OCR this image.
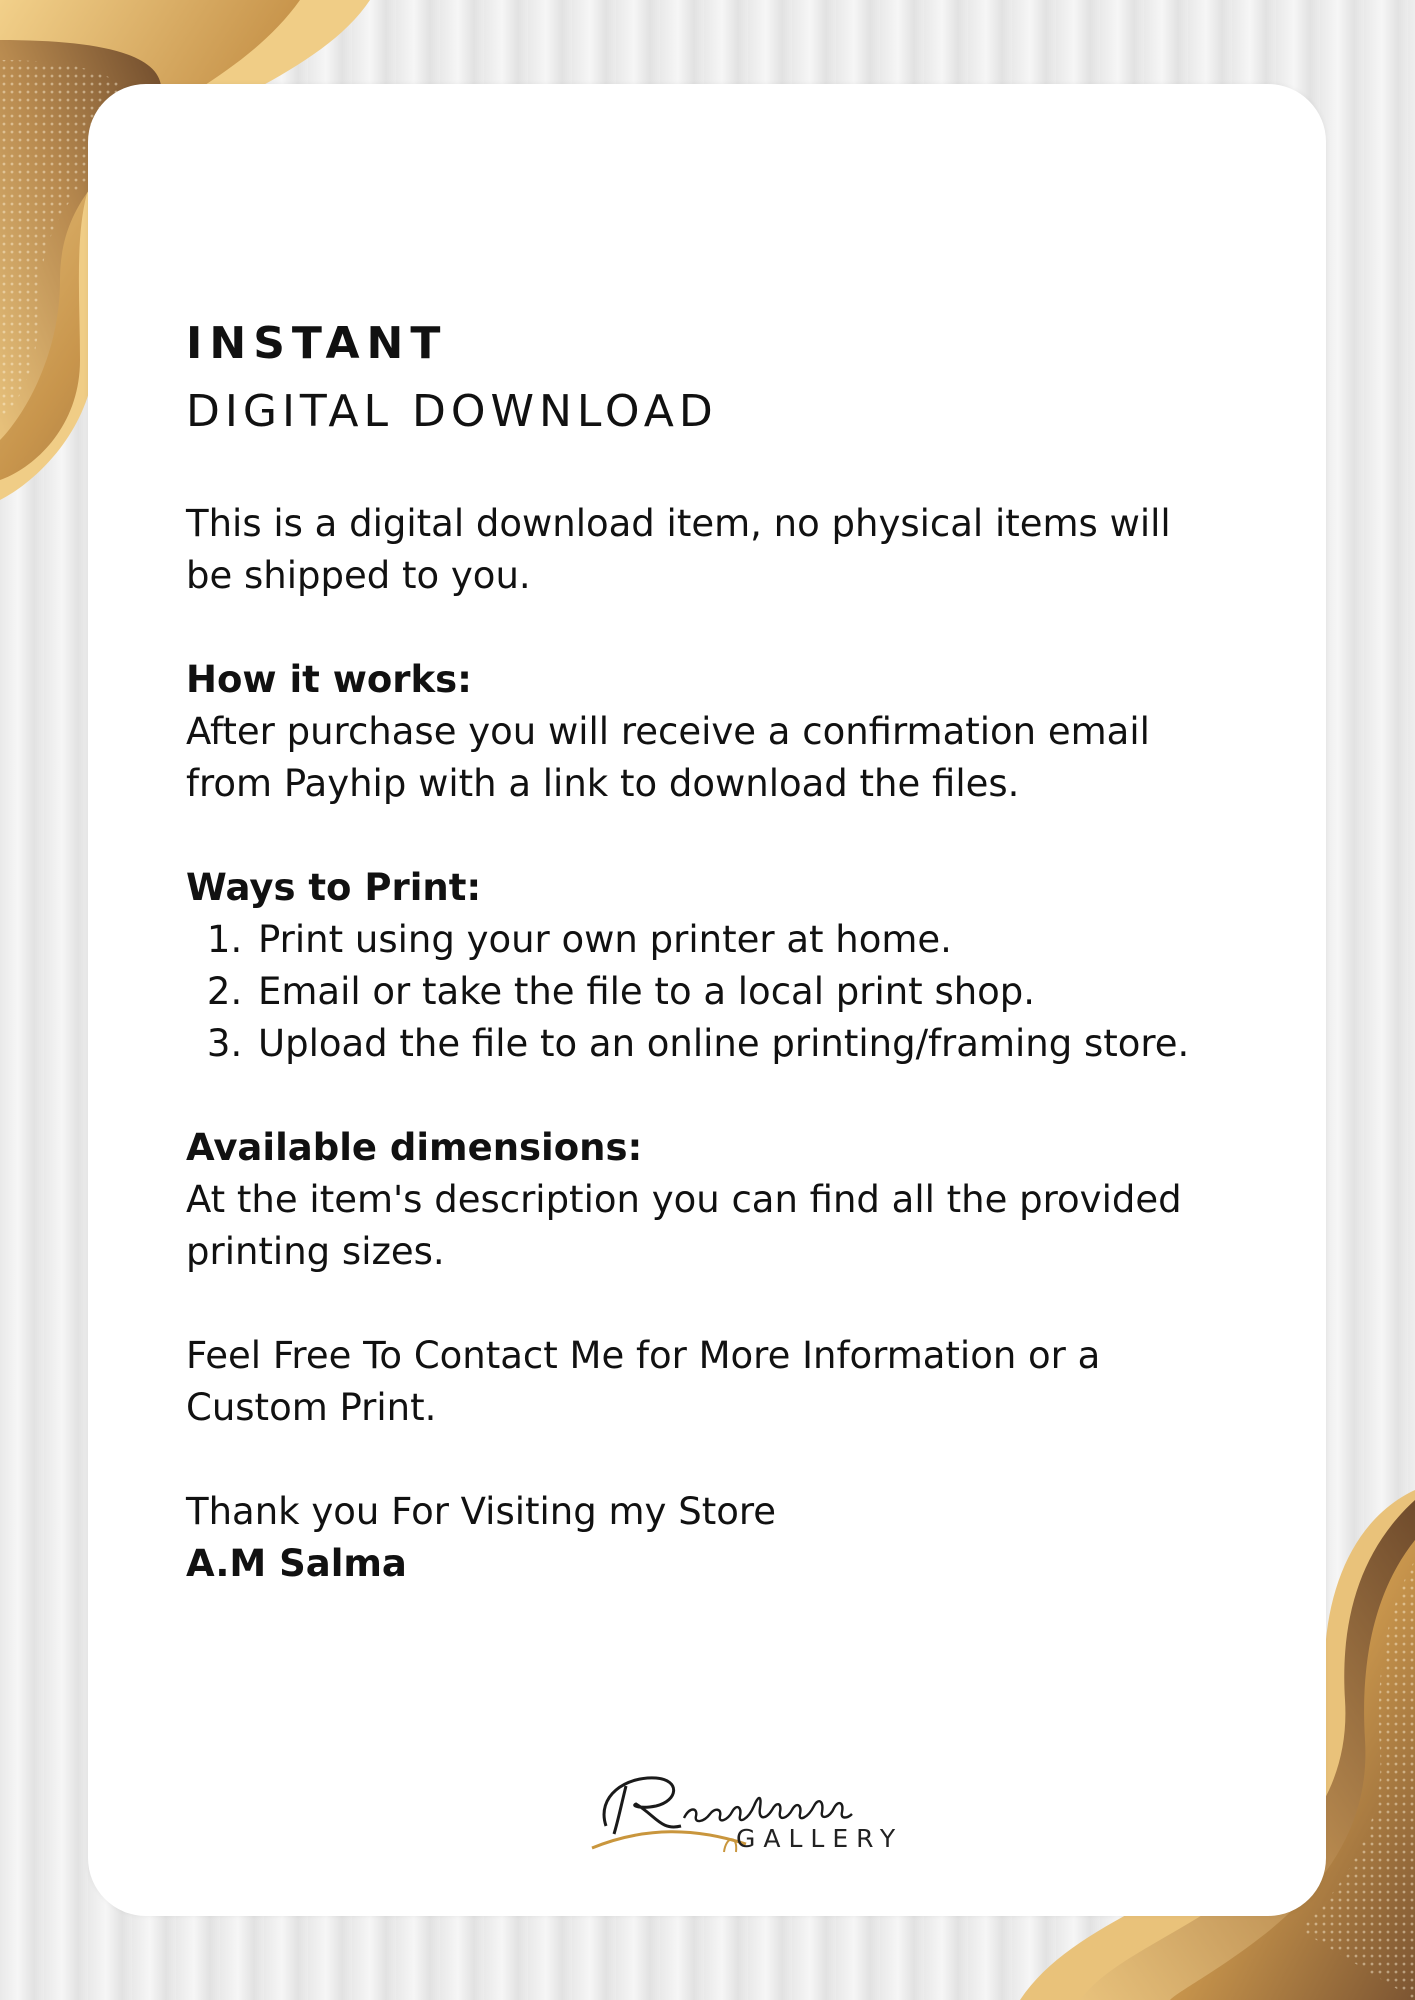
INSTANT
DIGITAL DOWNLOAD

This is a digital download item, no physical items will be shipped to you.

How it works:

After purchase you will receive a confirmation email from Payhip with a link to download the files.

Ways to Print:
1. Print using your own printer at home.
2. Email or take the file to a local print shop.
3. Upload the file to an online printing/framing store.
Available dimensions:

At the item's description you can find all the provided printing sizes.

Feel Free To Contact Me for More Information or a Custom Print.

Thank you For Visiting my Store

A.M Salma

GALLERY
